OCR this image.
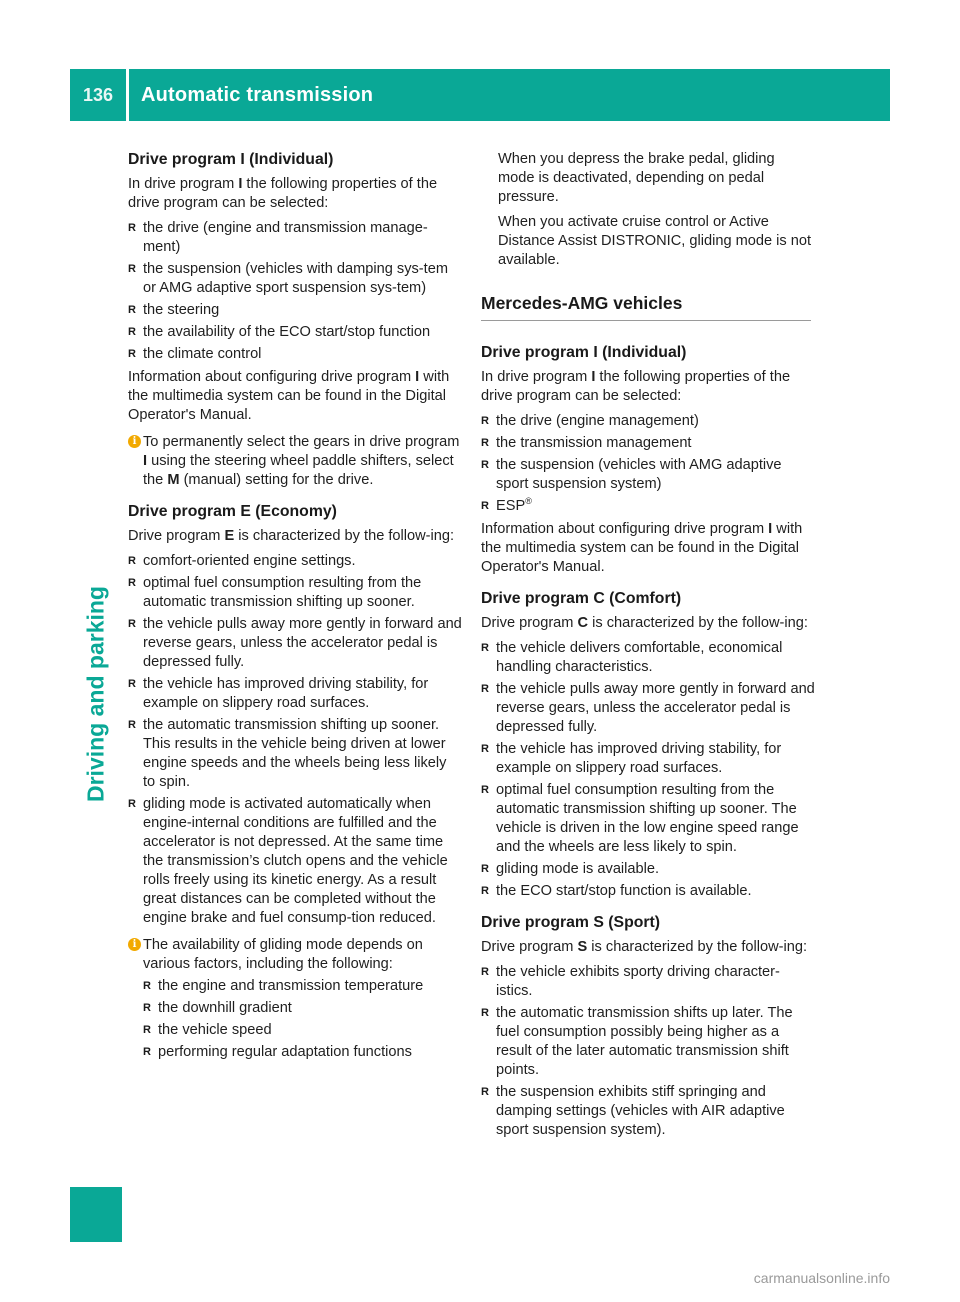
136	Automatic transmission
Driving and parking
Drive program I (Individual)

In drive program I the following properties of the drive program can be selected:

R the drive (engine and transmission manage-ment)
R the suspension (vehicles with damping sys-tem or AMG adaptive sport suspension sys-tem)
R the steering
R the availability of the ECO start/stop function
R the climate control

Information about configuring drive program I with the multimedia system can be found in the Digital Operator's Manual.

i To permanently select the gears in drive program I using the steering wheel paddle shifters, select the M (manual) setting for the drive.
Drive program E (Economy)

Drive program E is characterized by the follow-ing:

R comfort-oriented engine settings.
R optimal fuel consumption resulting from the automatic transmission shifting up sooner.
R the vehicle pulls away more gently in forward and reverse gears, unless the accelerator pedal is depressed fully.
R the vehicle has improved driving stability, for example on slippery road surfaces.
R the automatic transmission shifting up sooner. This results in the vehicle being driven at lower engine speeds and the wheels being less likely to spin.
R gliding mode is activated automatically when engine-internal conditions are fulfilled and the accelerator is not depressed. At the same time the transmission’s clutch opens and the vehicle rolls freely using its kinetic energy. As a result great distances can be completed without the engine brake and fuel consump-tion reduced.
i The availability of gliding mode depends on various factors, including the following:
R the engine and transmission temperature
R the downhill gradient
R the vehicle speed
R performing regular adaptation functions

When you depress the brake pedal, gliding mode is deactivated, depending on pedal pressure.

When you activate cruise control or Active Distance Assist DISTRONIC, gliding mode is not available.

Mercedes-AMG vehicles
Drive program I (Individual)

In drive program I the following properties of the drive program can be selected:

R the drive (engine management)
R the transmission management
R the suspension (vehicles with AMG adaptive sport suspension system)
R ESP®

Information about configuring drive program I with the multimedia system can be found in the Digital Operator's Manual.

Drive program C (Comfort)

Drive program C is characterized by the follow-ing:

R the vehicle delivers comfortable, economical handling characteristics.
R the vehicle pulls away more gently in forward and reverse gears, unless the accelerator pedal is depressed fully.
R the vehicle has improved driving stability, for example on slippery road surfaces.
R optimal fuel consumption resulting from the automatic transmission shifting up sooner. The vehicle is driven in the low engine speed range and the wheels are less likely to spin.
R gliding mode is available.
R the ECO start/stop function is available.
Drive program S (Sport)

Drive program S is characterized by the follow-ing:

R the vehicle exhibits sporty driving character-istics.
R the automatic transmission shifts up later. The fuel consumption possibly being higher as a result of the later automatic transmission shift points.
R the suspension exhibits stiff springing and damping settings (vehicles with AIR adaptive sport suspension system).
carmanualsonline.info
